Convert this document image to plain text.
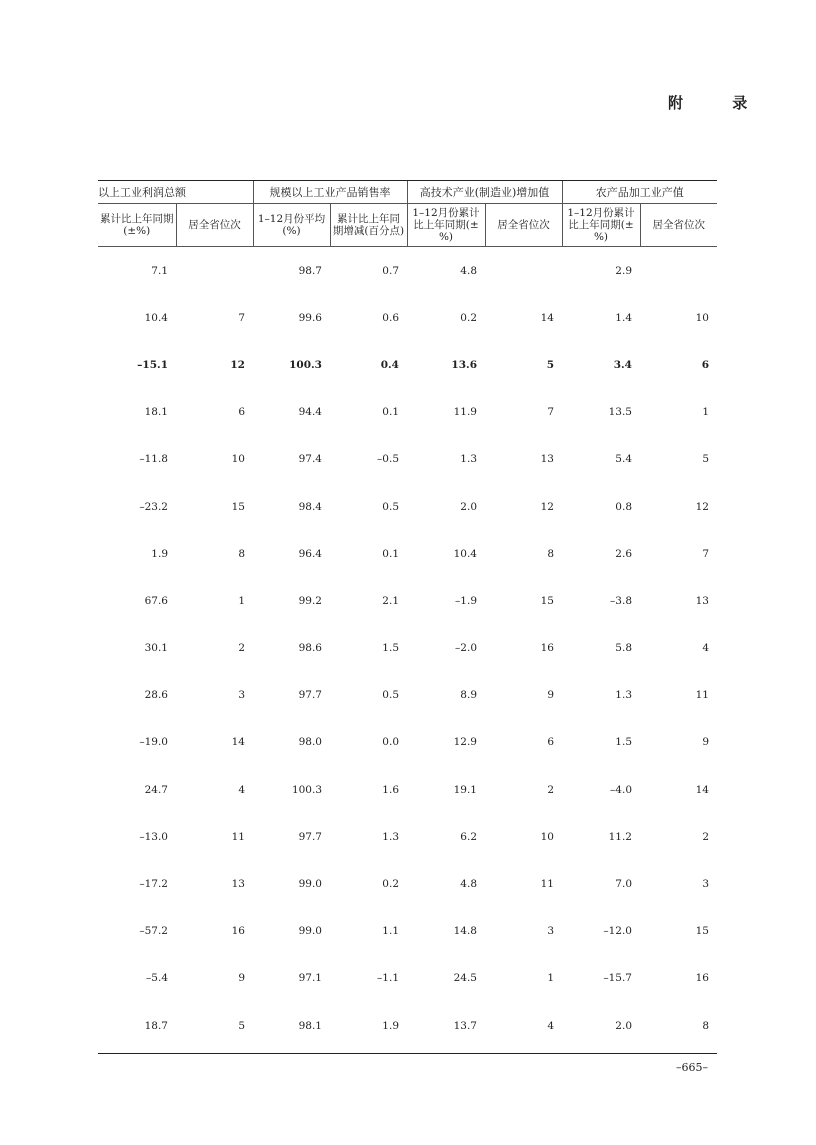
附 录
以上工业利润总额		规模以上工业产品销售率		高技术产业(制造业)增加值		农产品加工业产值	
累计比上年同期(±%)	居全省位次	1–12月份平均(%)	累计比上年同期增减(百分点)	1–12月份累计比上年同期(±%)	居全省位次	1–12月份累计比上年同期(±%)	居全省位次
7.1		98.7	0.7	4.8		2.9	
10.4	7	99.6	0.6	0.2	14	1.4	10
–15.1	12	100.3	0.4	13.6	5	3.4	6
18.1	6	94.4	0.1	11.9	7	13.5	1
–11.8	10	97.4	–0.5	1.3	13	5.4	5
–23.2	15	98.4	0.5	2.0	12	0.8	12
1.9	8	96.4	0.1	10.4	8	2.6	7
67.6	1	99.2	2.1	–1.9	15	–3.8	13
30.1	2	98.6	1.5	–2.0	16	5.8	4
28.6	3	97.7	0.5	8.9	9	1.3	11
–19.0	14	98.0	0.0	12.9	6	1.5	9
24.7	4	100.3	1.6	19.1	2	–4.0	14
–13.0	11	97.7	1.3	6.2	10	11.2	2
–17.2	13	99.0	0.2	4.8	11	7.0	3
–57.2	16	99.0	1.1	14.8	3	–12.0	15
–5.4	9	97.1	–1.1	24.5	1	–15.7	16
18.7	5	98.1	1.9	13.7	4	2.0	8
–665–
